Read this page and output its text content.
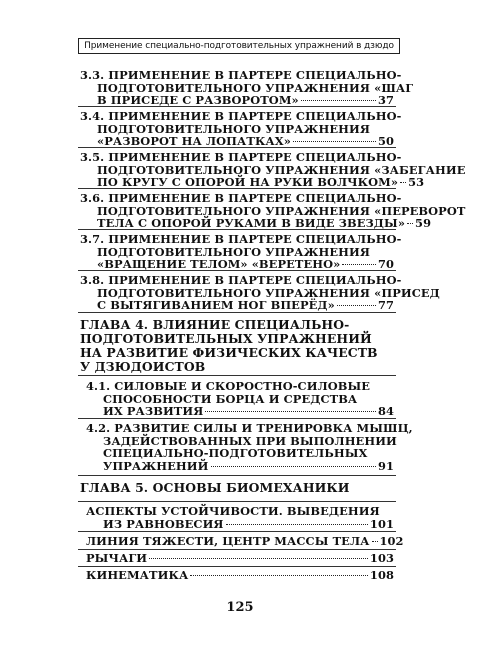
Применение специально-подготовительных упражнений в дзюдо
3.3. ПРИМЕНЕНИЕ В ПАРТЕРЕ СПЕЦИАЛЬНО-
ПОДГОТОВИТЕЛЬНОГО УПРАЖНЕНИЯ «ШАГ
В ПРИСЕДЕ С РАЗВОРОТОМ»	37
3.4. ПРИМЕНЕНИЕ В ПАРТЕРЕ СПЕЦИАЛЬНО-
ПОДГОТОВИТЕЛЬНОГО УПРАЖНЕНИЯ
«РАЗВОРОТ НА ЛОПАТКАХ»	50
3.5. ПРИМЕНЕНИЕ В ПАРТЕРЕ СПЕЦИАЛЬНО-
ПОДГОТОВИТЕЛЬНОГО УПРАЖНЕНИЯ «ЗАБЕГАНИЕ
ПО КРУГУ С ОПОРОЙ НА РУКИ ВОЛЧКОМ» 53
3.6. ПРИМЕНЕНИЕ В ПАРТЕРЕ СПЕЦИАЛЬНО-
ПОДГОТОВИТЕЛЬНОГО УПРАЖНЕНИЯ «ПЕРЕВОРОТ
ТЕЛА С ОПОРОЙ РУКАМИ В ВИДЕ ЗВЕЗДЫ» 59
3.7. ПРИМЕНЕНИЕ В ПАРТЕРЕ СПЕЦИАЛЬНО-
ПОДГОТОВИТЕЛЬНОГО УПРАЖНЕНИЯ
«ВРАЩЕНИЕ ТЕЛОМ» «ВЕРЕТЕНО»	70
3.8. ПРИМЕНЕНИЕ В ПАРТЕРЕ СПЕЦИАЛЬНО-
ПОДГОТОВИТЕЛЬНОГО УПРАЖНЕНИЯ «ПРИСЕД
С ВЫТЯГИВАНИЕМ НОГ ВПЕРЁД»	77
ГЛАВА 4. ВЛИЯНИЕ СПЕЦИАЛЬНО-
ПОДГОТОВИТЕЛЬНЫХ УПРАЖНЕНИЙ
НА РАЗВИТИЕ ФИЗИЧЕСКИХ КАЧЕСТВ
У ДЗЮДОИСТОВ
4.1. СИЛОВЫЕ И СКОРОСТНО-СИЛОВЫЕ
СПОСОБНОСТИ БОРЦА И СРЕДСТВА
ИХ РАЗВИТИЯ	84
4.2. РАЗВИТИЕ СИЛЫ И ТРЕНИРОВКА МЫШЦ,
ЗАДЕЙСТВОВАННЫХ ПРИ ВЫПОЛНЕНИИ
СПЕЦИАЛЬНО-ПОДГОТОВИТЕЛЬНЫХ
УПРАЖНЕНИЙ	91
ГЛАВА 5. ОСНОВЫ БИОМЕХАНИКИ
АСПЕКТЫ УСТОЙЧИВОСТИ. ВЫВЕДЕНИЯ
ИЗ РАВНОВЕСИЯ	101
ЛИНИЯ ТЯЖЕСТИ, ЦЕНТР МАССЫ ТЕЛА 102
РЫЧАГИ	103
КИНЕМАТИКА	108
125
